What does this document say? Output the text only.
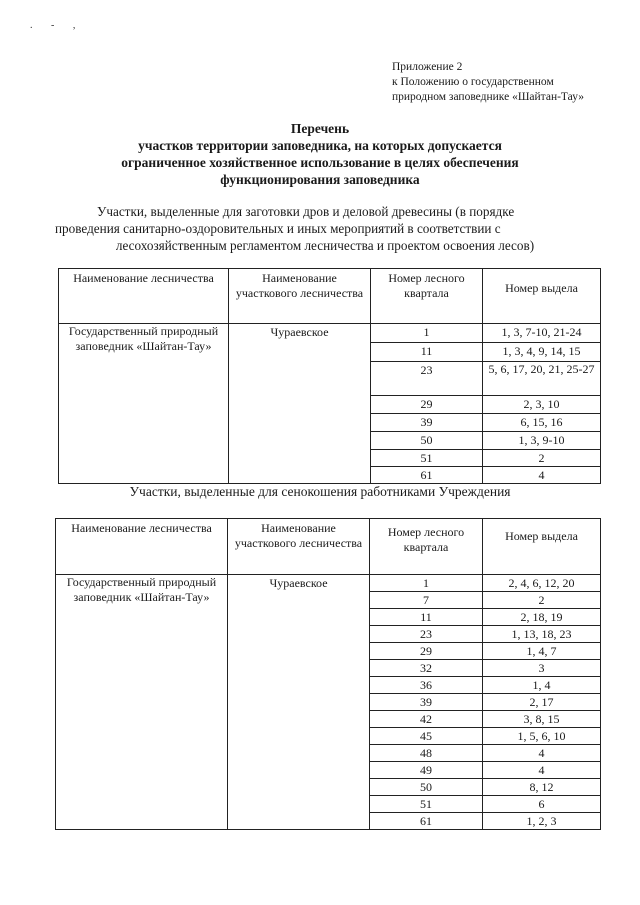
. - ,
Приложение 2
к Положению о государственном
природном заповеднике «Шайтан-Тау»
Перечень
участков территории заповедника, на которых допускается
ограниченное хозяйственное использование в целях обеспечения
функционирования заповедника
Участки, выделенные для заготовки дров и деловой древесины (в порядке
проведения санитарно-оздоровительных и иных мероприятий в соответствии с
лесохозяйственным регламентом лесничества и проектом освоения лесов)
Наименование лесничества	Наименование участкового лесничества	Номер лесного квартала	Номер выдела
Государственный природный заповедник «Шайтан-Тау»	Чураевское	1	1, 3, 7-10, 21-24
		11	1, 3, 4, 9, 14, 15
		23	5, 6, 17, 20, 21, 25-27
		29	2, 3, 10
		39	6, 15, 16
		50	1, 3, 9-10
		51	2
		61	4
Участки, выделенные для сенокошения работниками Учреждения
Наименование лесничества	Наименование участкового лесничества	Номер лесного квартала	Номер выдела
Государственный природный заповедник «Шайтан-Тау»	Чураевское	1	2, 4, 6, 12, 20
		7	2
		11	2, 18, 19
		23	1, 13, 18, 23
		29	1, 4, 7
		32	3
		36	1, 4
		39	2, 17
		42	3, 8, 15
		45	1, 5, 6, 10
		48	4
		49	4
		50	8, 12
		51	6
		61	1, 2, 3
